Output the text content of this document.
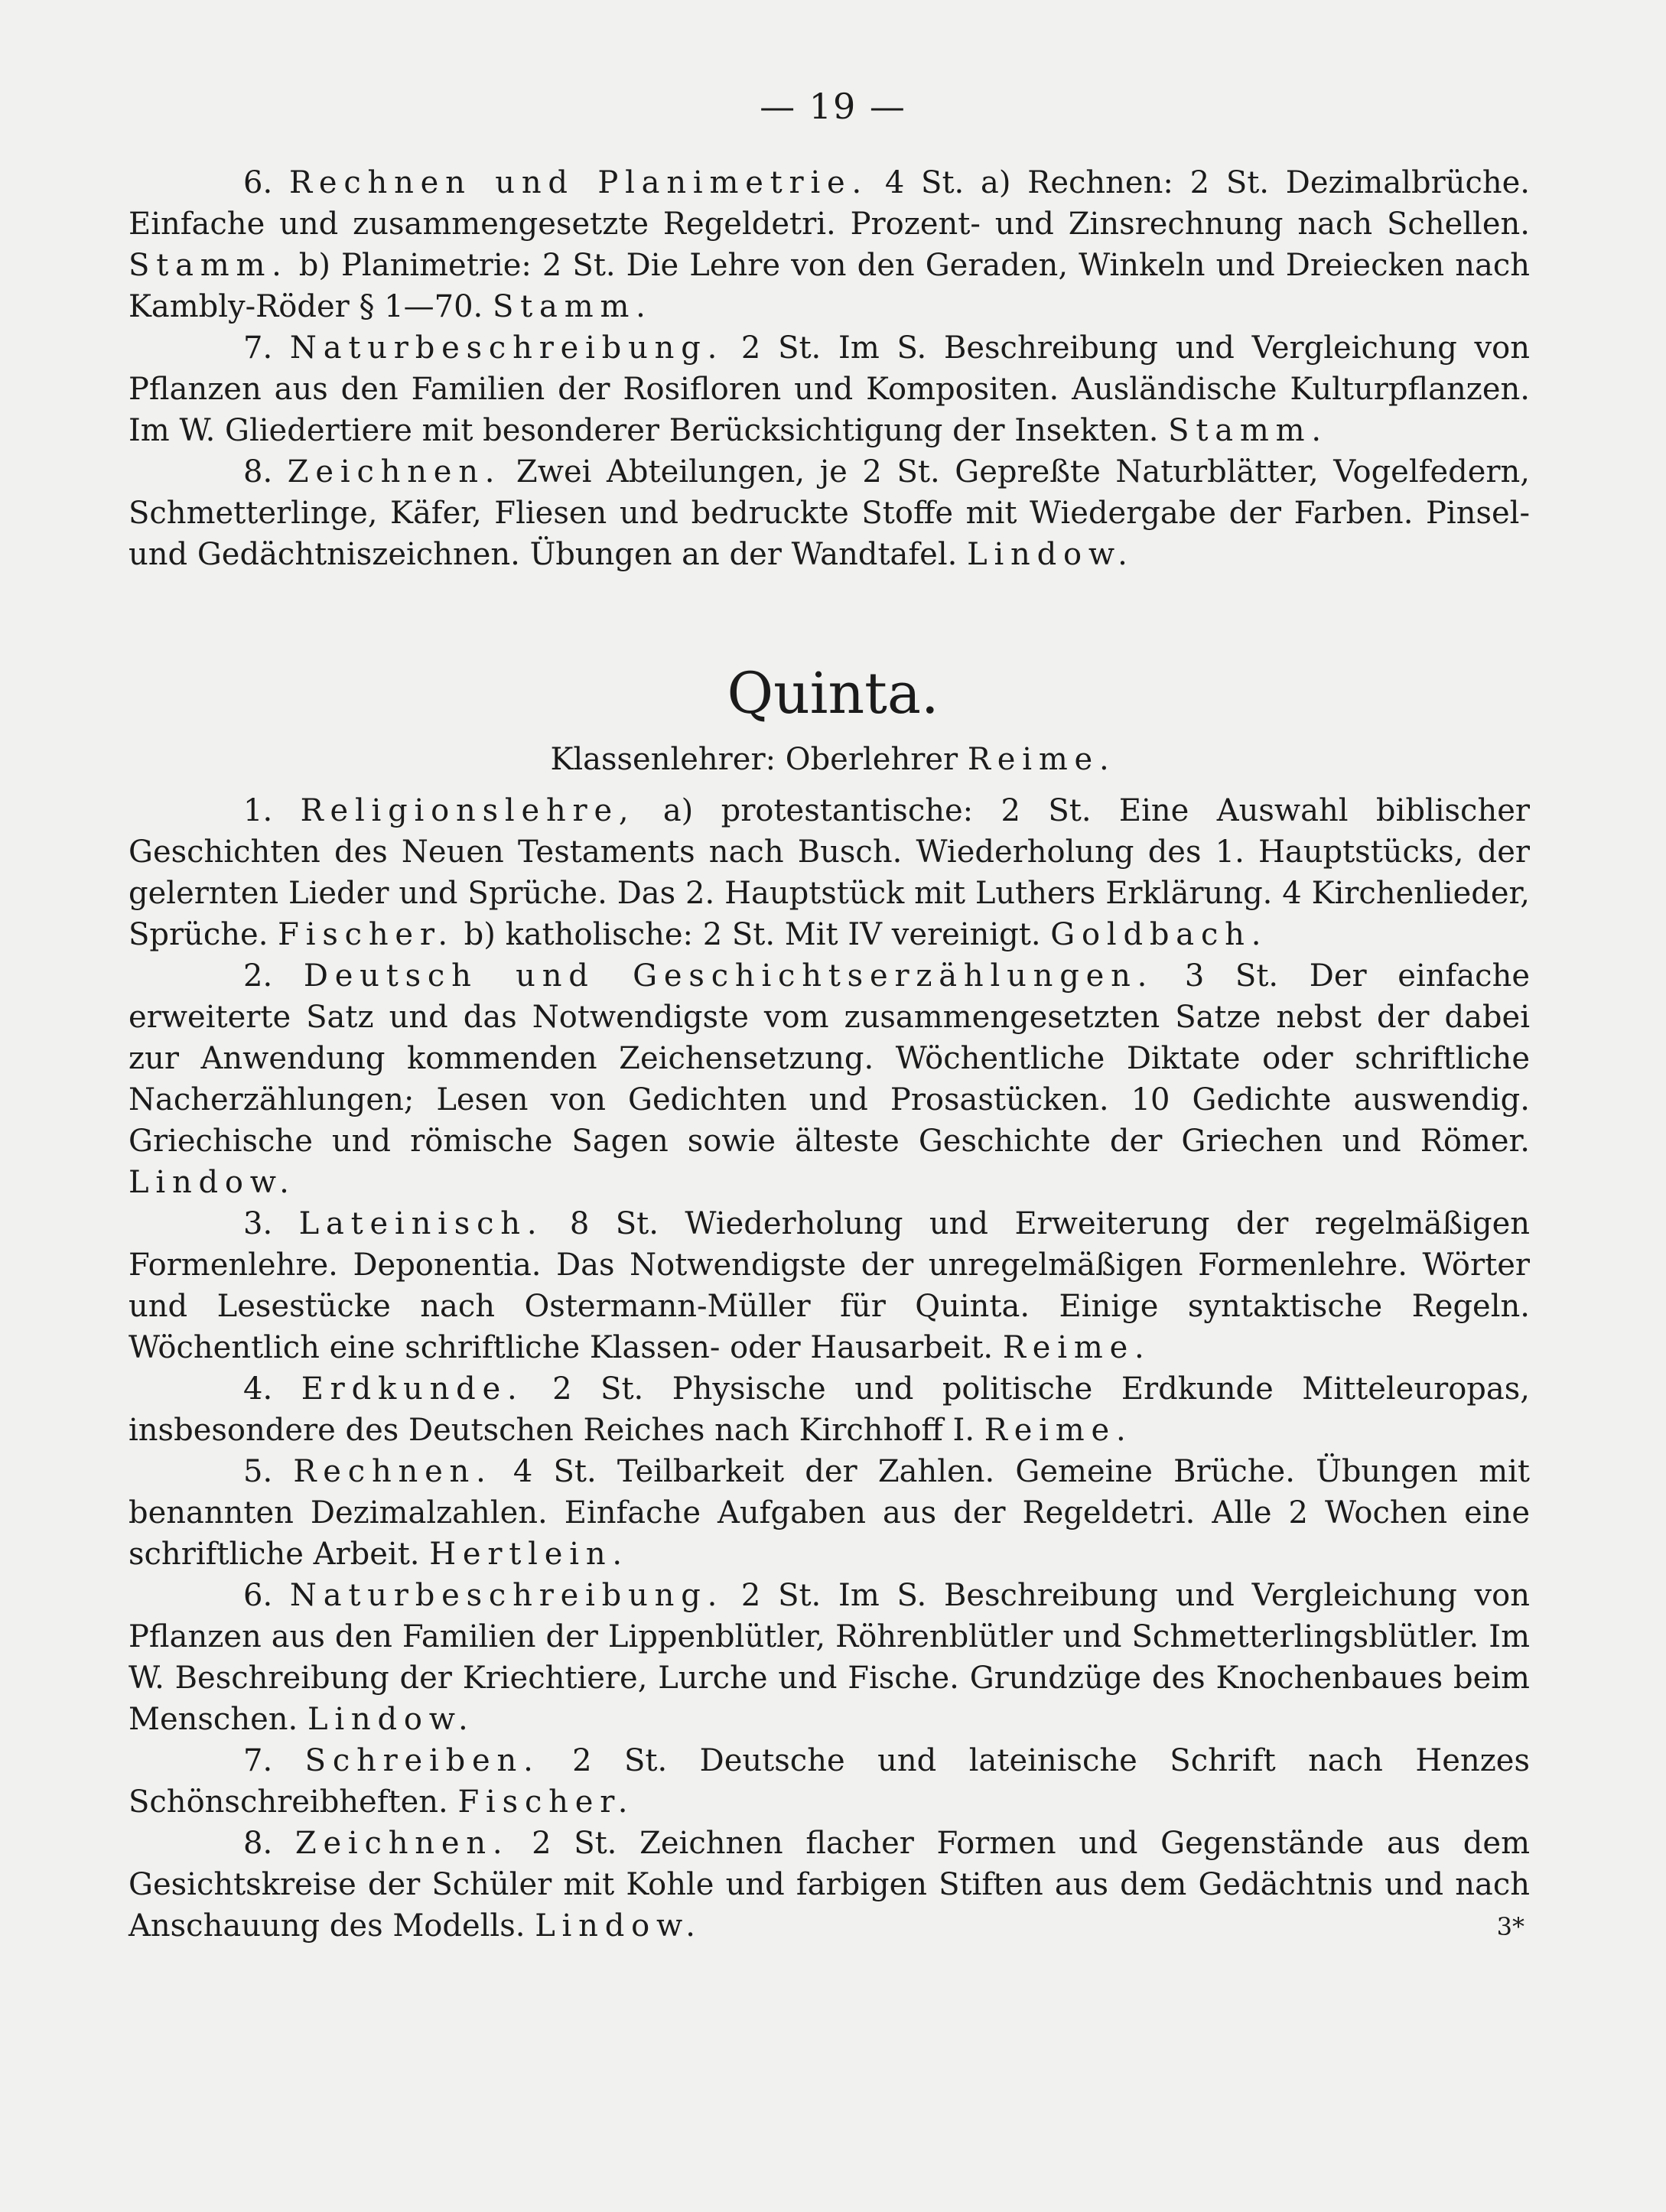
— 19 —

6. Rechnen und Planimetrie. 4 St. a) Rechnen: 2 St. Dezimalbrüche. Einfache und zusammengesetzte Regeldetri. Prozent- und Zinsrechnung nach Schellen. Stamm. b) Planimetrie: 2 St. Die Lehre von den Geraden, Winkeln und Dreiecken nach Kambly-Röder § 1—70. Stamm.

7. Naturbeschreibung. 2 St. Im S. Beschreibung und Vergleichung von Pflanzen aus den Familien der Rosifloren und Kompositen. Ausländische Kulturpflanzen. Im W. Gliedertiere mit besonderer Berücksichtigung der Insekten. Stamm.

8. Zeichnen. Zwei Abteilungen, je 2 St. Gepreßte Naturblätter, Vogelfedern, Schmetterlinge, Käfer, Fliesen und bedruckte Stoffe mit Wiedergabe der Farben. Pinsel- und Gedächtniszeichnen. Übungen an der Wandtafel. Lindow.

Quinta.
Klassenlehrer: Oberlehrer Reime.

1. Religionslehre, a) protestantische: 2 St. Eine Auswahl biblischer Geschichten des Neuen Testaments nach Busch. Wiederholung des 1. Hauptstücks, der gelernten Lieder und Sprüche. Das 2. Hauptstück mit Luthers Erklärung. 4 Kirchenlieder, Sprüche. Fischer. b) katholische: 2 St. Mit IV vereinigt. Goldbach.

2. Deutsch und Geschichtserzählungen. 3 St. Der einfache erweiterte Satz und das Notwendigste vom zusammengesetzten Satze nebst der dabei zur Anwendung kommenden Zeichensetzung. Wöchentliche Diktate oder schriftliche Nacherzählungen; Lesen von Gedichten und Prosastücken. 10 Gedichte auswendig. Griechische und römische Sagen sowie älteste Geschichte der Griechen und Römer. Lindow.

3. Lateinisch. 8 St. Wiederholung und Erweiterung der regelmäßigen Formenlehre. Deponentia. Das Notwendigste der unregelmäßigen Formenlehre. Wörter und Lesestücke nach Ostermann-Müller für Quinta. Einige syntaktische Regeln. Wöchentlich eine schriftliche Klassen- oder Hausarbeit. Reime.

4. Erdkunde. 2 St. Physische und politische Erdkunde Mitteleuropas, insbesondere des Deutschen Reiches nach Kirchhoff I. Reime.

5. Rechnen. 4 St. Teilbarkeit der Zahlen. Gemeine Brüche. Übungen mit benannten Dezimalzahlen. Einfache Aufgaben aus der Regeldetri. Alle 2 Wochen eine schriftliche Arbeit. Hertlein.

6. Naturbeschreibung. 2 St. Im S. Beschreibung und Vergleichung von Pflanzen aus den Familien der Lippenblütler, Röhrenblütler und Schmetterlingsblütler. Im W. Beschreibung der Kriechtiere, Lurche und Fische. Grundzüge des Knochenbaues beim Menschen. Lindow.

7. Schreiben. 2 St. Deutsche und lateinische Schrift nach Henzes Schönschreibheften. Fischer.

8. Zeichnen. 2 St. Zeichnen flacher Formen und Gegenstände aus dem Gesichtskreise der Schüler mit Kohle und farbigen Stiften aus dem Gedächtnis und nach Anschauung des Modells. Lindow.	3*
